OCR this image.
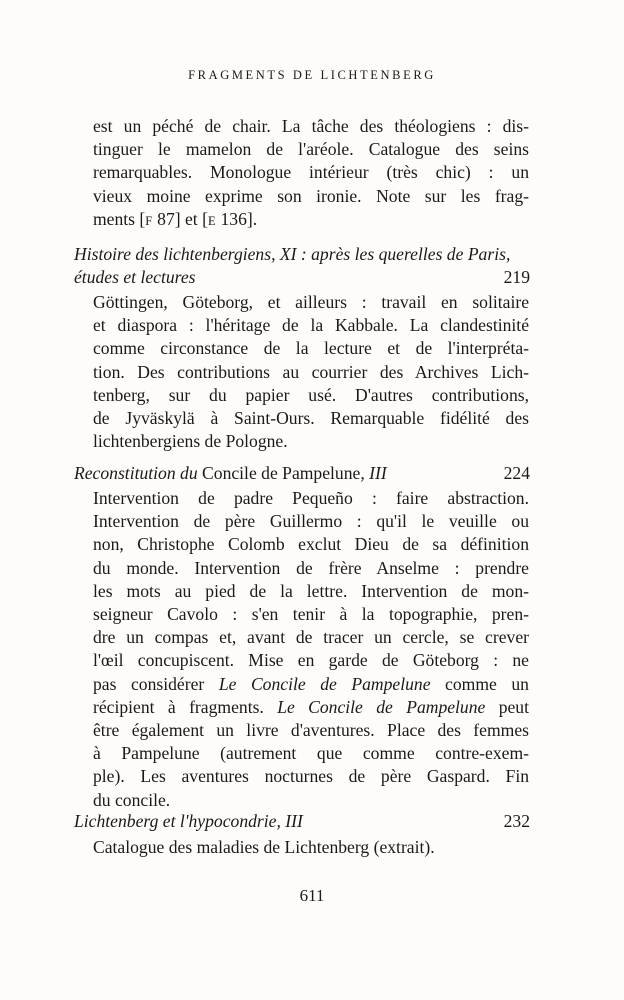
FRAGMENTS DE LICHTENBERG
est un péché de chair. La tâche des théologiens : dis-
tinguer le mamelon de l'aréole. Catalogue des seins
remarquables. Monologue intérieur (très chic) : un
vieux moine exprime son ironie. Note sur les frag-
ments [F 87] et [E 136].
Histoire des lichtenbergiens, XI : après les querelles de Paris,
études et lectures	219
Göttingen, Göteborg, et ailleurs : travail en solitaire
et diaspora : l'héritage de la Kabbale. La clandestinité
comme circonstance de la lecture et de l'interpréta-
tion. Des contributions au courrier des Archives Lich-
tenberg, sur du papier usé. D'autres contributions,
de Jyväskylä à Saint-Ours. Remarquable fidélité des
lichtenbergiens de Pologne.
Reconstitution du Concile de Pampelune, III	224
Intervention de padre Pequeño : faire abstraction.
Intervention de père Guillermo : qu'il le veuille ou
non, Christophe Colomb exclut Dieu de sa définition
du monde. Intervention de frère Anselme : prendre
les mots au pied de la lettre. Intervention de mon-
seigneur Cavolo : s'en tenir à la topographie, pren-
dre un compas et, avant de tracer un cercle, se crever
l'œil concupiscent. Mise en garde de Göteborg : ne
pas considérer Le Concile de Pampelune comme un
récipient à fragments. Le Concile de Pampelune peut
être également un livre d'aventures. Place des femmes
à Pampelune (autrement que comme contre-exem-
ple). Les aventures nocturnes de père Gaspard. Fin
du concile.
Lichtenberg et l'hypocondrie, III	232
Catalogue des maladies de Lichtenberg (extrait).
611
